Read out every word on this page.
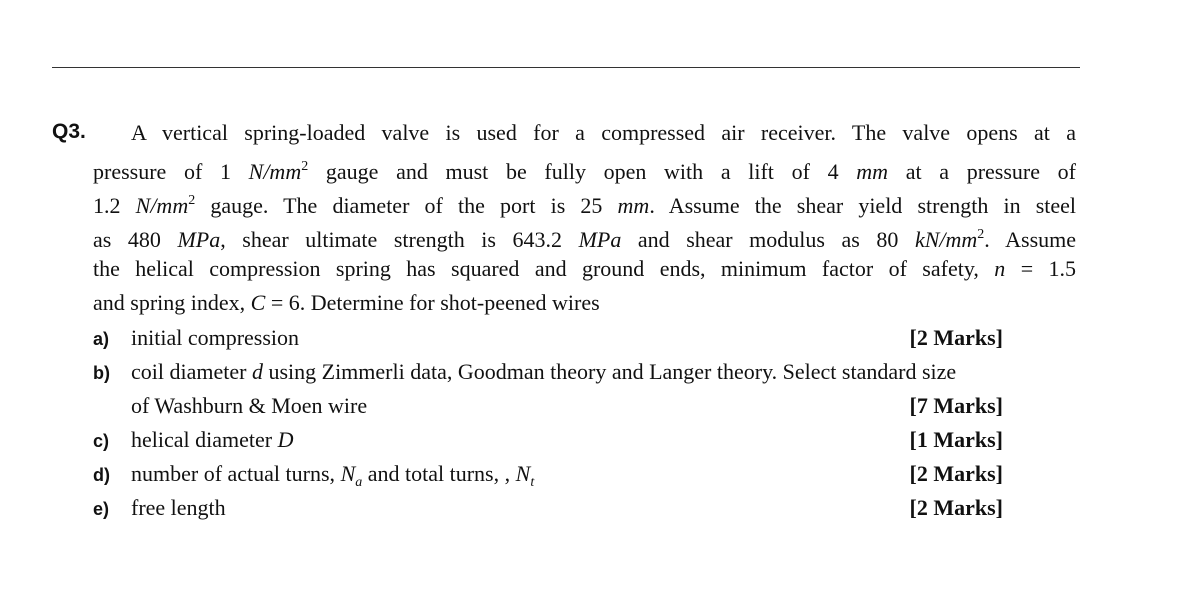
Q3. A vertical spring-loaded valve is used for a compressed air receiver. The valve opens at a
pressure of 1 $N/mm^2$ gauge and must be fully open with a lift of 4 mm at a pressure of
1.2 $N/mm^2$ gauge. The diameter of the port is 25 mm. Assume the shear yield strength in steel
as 480 MPa, shear ultimate strength is 643.2 MPa and shear modulus as 80 $kN/mm^2$. Assume
the helical compression spring has squared and ground ends, minimum factor of safety, n = 1.5
and spring index, C = 6. Determine for shot-peened wires
a) initial compression	[2 Marks]
b) coil diameter d using Zimmerli data, Goodman theory and Langer theory. Select standard size
of Washburn & Moen wire	[7 Marks]
c) helical diameter D	[1 Marks]
d) number of actual turns, $N_a$ and total turns, , $N_t$	[2 Marks]
e) free length	[2 Marks]
